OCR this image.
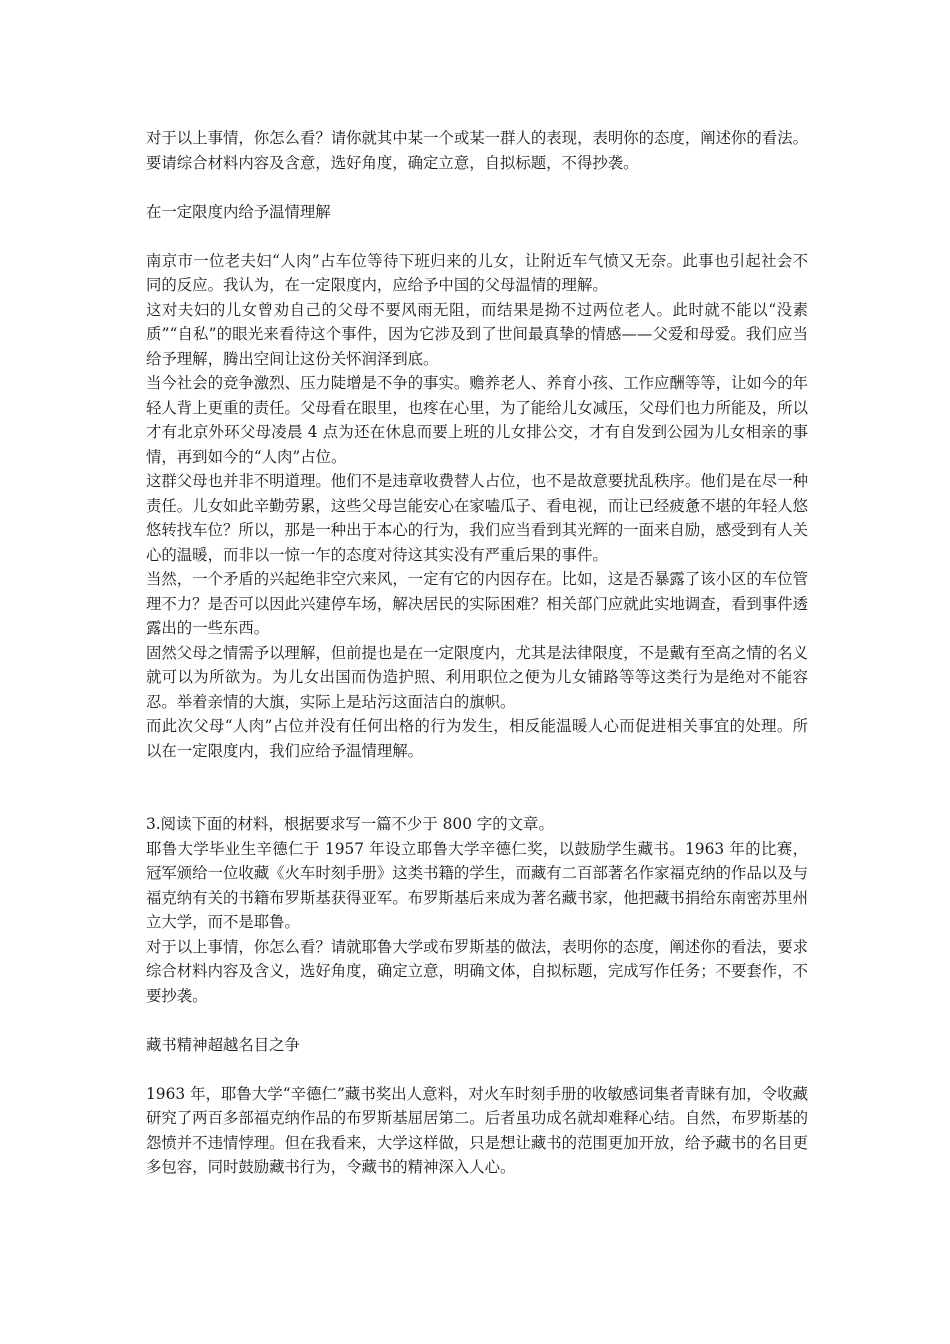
对于以上事情，你怎么看？请你就其中某一个或某一群人的表现，表明你的态度，阐述你的看法。要请综合材料内容及含意，选好角度，确定立意，自拟标题，不得抄袭。

在一定限度内给予温情理解

南京市一位老夫妇“人肉”占车位等待下班归来的儿女，让附近车气愤又无奈。此事也引起社会不同的反应。我认为，在一定限度内，应给予中国的父母温情的理解。

这对夫妇的儿女曾劝自己的父母不要风雨无阻，而结果是拗不过两位老人。此时就不能以“没素质”“自私”的眼光来看待这个事件，因为它涉及到了世间最真挚的情感——父爱和母爱。我们应当给予理解，腾出空间让这份关怀润泽到底。

当今社会的竞争激烈、压力陡增是不争的事实。赡养老人、养育小孩、工作应酬等等，让如今的年轻人背上更重的责任。父母看在眼里，也疼在心里，为了能给儿女减压，父母们也力所能及，所以才有北京外环父母凌晨 4 点为还在休息而要上班的儿女排公交，才有自发到公园为儿女相亲的事情，再到如今的“人肉”占位。

这群父母也并非不明道理。他们不是违章收费替人占位，也不是故意要扰乱秩序。他们是在尽一种责任。儿女如此辛勤劳累，这些父母岂能安心在家嗑瓜子、看电视，而让已经疲惫不堪的年轻人悠悠转找车位？所以，那是一种出于本心的行为，我们应当看到其光辉的一面来自励，感受到有人关心的温暖，而非以一惊一乍的态度对待这其实没有严重后果的事件。

当然，一个矛盾的兴起绝非空穴来风，一定有它的内因存在。比如，这是否暴露了该小区的车位管理不力？是否可以因此兴建停车场，解决居民的实际困难？相关部门应就此实地调查，看到事件透露出的一些东西。

固然父母之情需予以理解，但前提也是在一定限度内，尤其是法律限度，不是戴有至高之情的名义就可以为所欲为。为儿女出国而伪造护照、利用职位之便为儿女铺路等等这类行为是绝对不能容忍。举着亲情的大旗，实际上是玷污这面洁白的旗帜。

而此次父母“人肉”占位并没有任何出格的行为发生，相反能温暖人心而促进相关事宜的处理。所以在一定限度内，我们应给予温情理解。

3.阅读下面的材料，根据要求写一篇不少于 800 字的文章。

耶鲁大学毕业生辛德仁于 1957 年设立耶鲁大学辛德仁奖，以鼓励学生藏书。1963 年的比赛，冠军颁给一位收藏《火车时刻手册》这类书籍的学生，而藏有二百部著名作家福克纳的作品以及与福克纳有关的书籍布罗斯基获得亚军。布罗斯基后来成为著名藏书家，他把藏书捐给东南密苏里州立大学，而不是耶鲁。

对于以上事情，你怎么看？请就耶鲁大学或布罗斯基的做法，表明你的态度，阐述你的看法，要求综合材料内容及含义，选好角度，确定立意，明确文体，自拟标题，完成写作任务；不要套作，不要抄袭。

藏书精神超越名目之争

1963 年，耶鲁大学“辛德仁”藏书奖出人意料，对火车时刻手册的收敏感词集者青睐有加，令收藏研究了两百多部福克纳作品的布罗斯基屈居第二。后者虽功成名就却难释心结。自然，布罗斯基的怨愤并不违情悖理。但在我看来，大学这样做，只是想让藏书的范围更加开放，给予藏书的名目更多包容，同时鼓励藏书行为，令藏书的精神深入人心。
